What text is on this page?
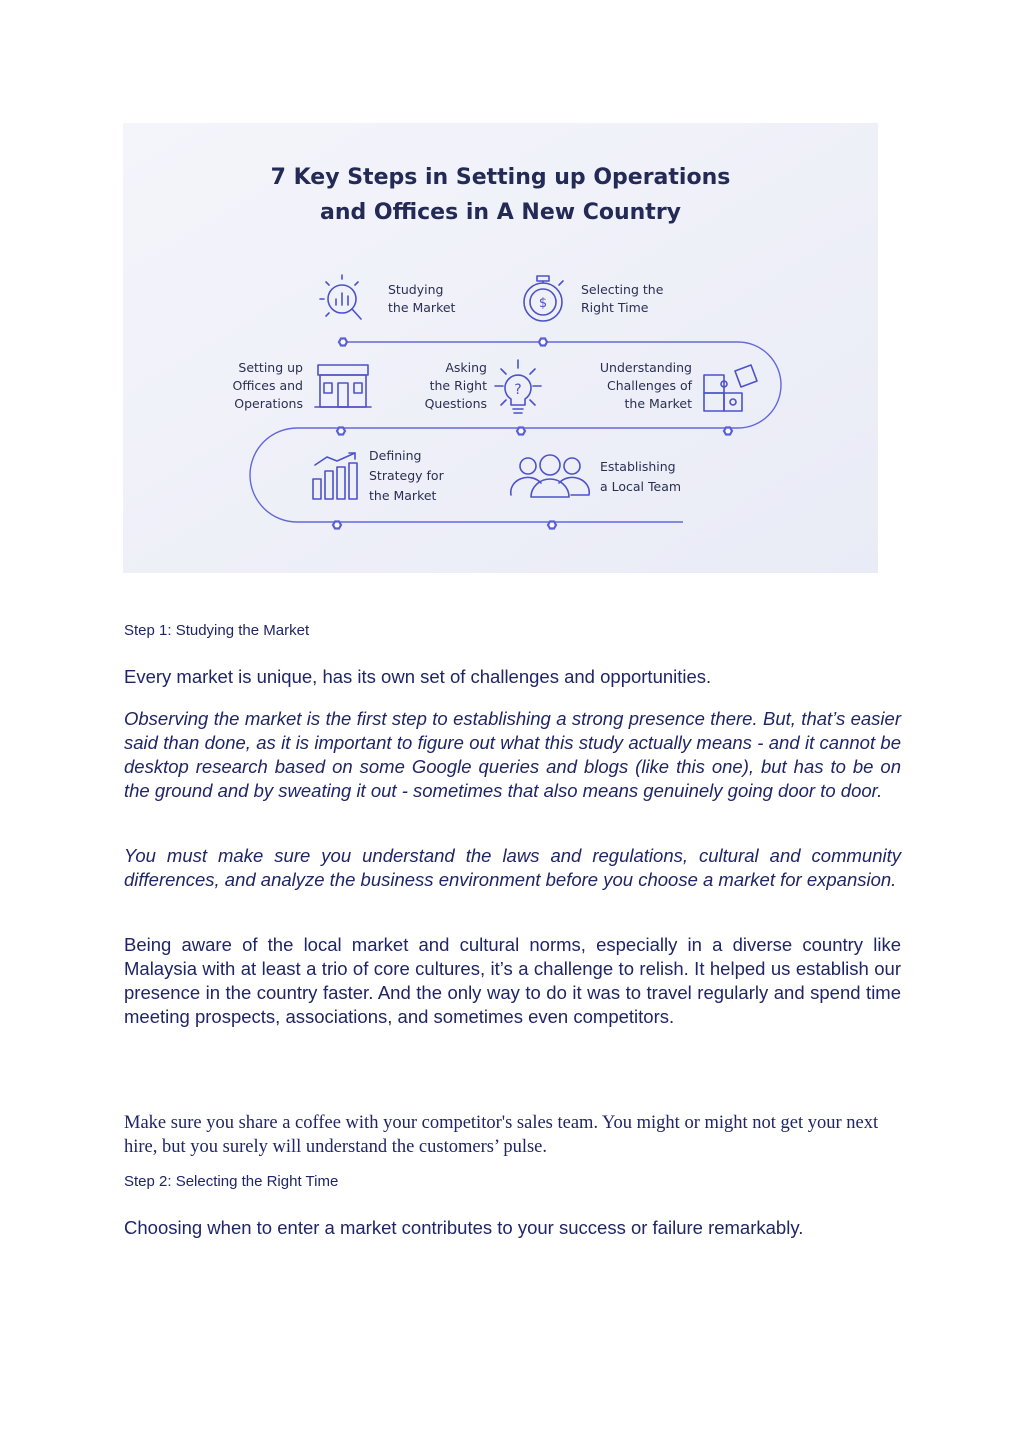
$
?
7 Key Steps in Setting up Operations
and Offices in A New Country
Studying
the Market
Selecting the
Right Time
Setting up
Offices and
Operations
Asking
the Right
Questions
Understanding
Challenges of
the Market
Defining
Strategy for
the Market
Establishing
a Local Team
Step 1: Studying the Market
Every market is unique, has its own set of challenges and opportunities.
Observing the market is the first step to establishing a strong presence there. But, that’s easier said than done, as it is important to figure out what this study actually means - and it cannot be desktop research based on some Google queries and blogs (like this one), but has to be on the ground and by sweating it out - sometimes that also means genuinely going door to door.
You must make sure you understand the laws and regulations, cultural and community differences, and analyze the business environment before you choose a market for expansion.
Being aware of the local market and cultural norms, especially in a diverse country like Malaysia with at least a trio of core cultures, it’s a challenge to relish. It helped us establish our presence in the country faster. And the only way to do it was to travel regularly and spend time meeting prospects, associations, and sometimes even competitors.
Make sure you share a coffee with your competitor's sales team. You might or might not get your next hire, but you surely will understand the customers’ pulse.
Step 2: Selecting the Right Time
Choosing when to enter a market contributes to your success or failure remarkably.
